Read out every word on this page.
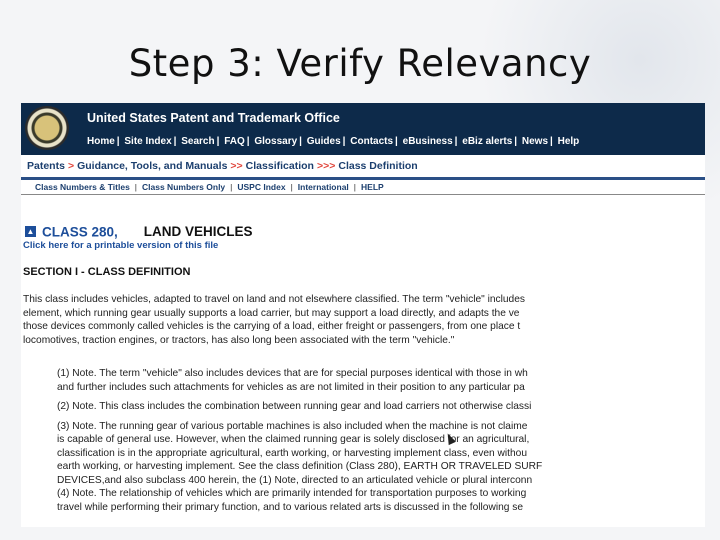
Step 3: Verify Relevancy
United States Patent and Trademark Office
Home | Site Index | Search | FAQ | Glossary | Guides | Contacts | eBusiness | eBiz alerts | News | Help
Patents > Guidance, Tools, and Manuals >> Classification >>> Class Definition
Class Numbers & Titles | Class Numbers Only | USPC Index | International | HELP
▲ CLASS 280, LAND VEHICLES
Click here for a printable version of this file
SECTION I - CLASS DEFINITION
This class includes vehicles, adapted to travel on land and not elsewhere classified. The term "vehicle" includes
element, which running gear usually supports a load carrier, but may support a load directly, and adapts the ve
those devices commonly called vehicles is the carrying of a load, either freight or passengers, from one place t
locomotives, traction engines, or tractors, has also long been associated with the term "vehicle."
(1) Note. The term "vehicle" also includes devices that are for special purposes identical with those in wh
and further includes such attachments for vehicles as are not limited in their position to any particular pa
(2) Note. This class includes the combination between running gear and load carriers not otherwise classi
(3) Note. The running gear of various portable machines is also included when the machine is not claime
is capable of general use. However, when the claimed running gear is solely disclosed for an agricultural,
classification is in the appropriate agricultural, earth working, or harvesting implement class, even withou
earth working, or harvesting implement. See the class definition (Class 280), EARTH OR TRAVELED SURF
DEVICES,and also subclass 400 herein, the (1) Note, directed to an articulated vehicle or plural interconn
(4) Note. The relationship of vehicles which are primarily intended for transportation purposes to working
travel while performing their primary function, and to various related arts is discussed in the following se
